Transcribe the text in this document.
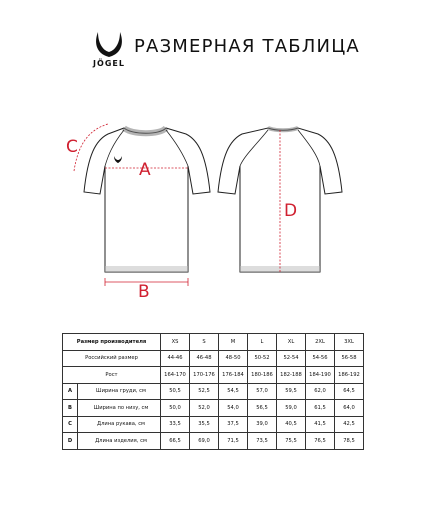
JÖGEL
РАЗМЕРНАЯ ТАБЛИЦА
A
B
C
D
Размер производителя		XS	S	M	L	XL	2XL	3XL
Российский размер		44-46	46-48	48-50	50-52	52-54	54-56	56-58
Рост		164-170	170-176	176-184	180-186	182-188	184-190	186-192
A	Ширина груди, см	50,5	52,5	54,5	57,0	59,5	62,0	64,5
B	Ширина по низу, см	50,0	52,0	54,0	56,5	59,0	61,5	64,0
C	Длина рукава, см	33,5	35,5	37,5	39,0	40,5	41,5	42,5
D	Длина изделия, см	66,5	69,0	71,5	73,5	75,5	76,5	78,5
